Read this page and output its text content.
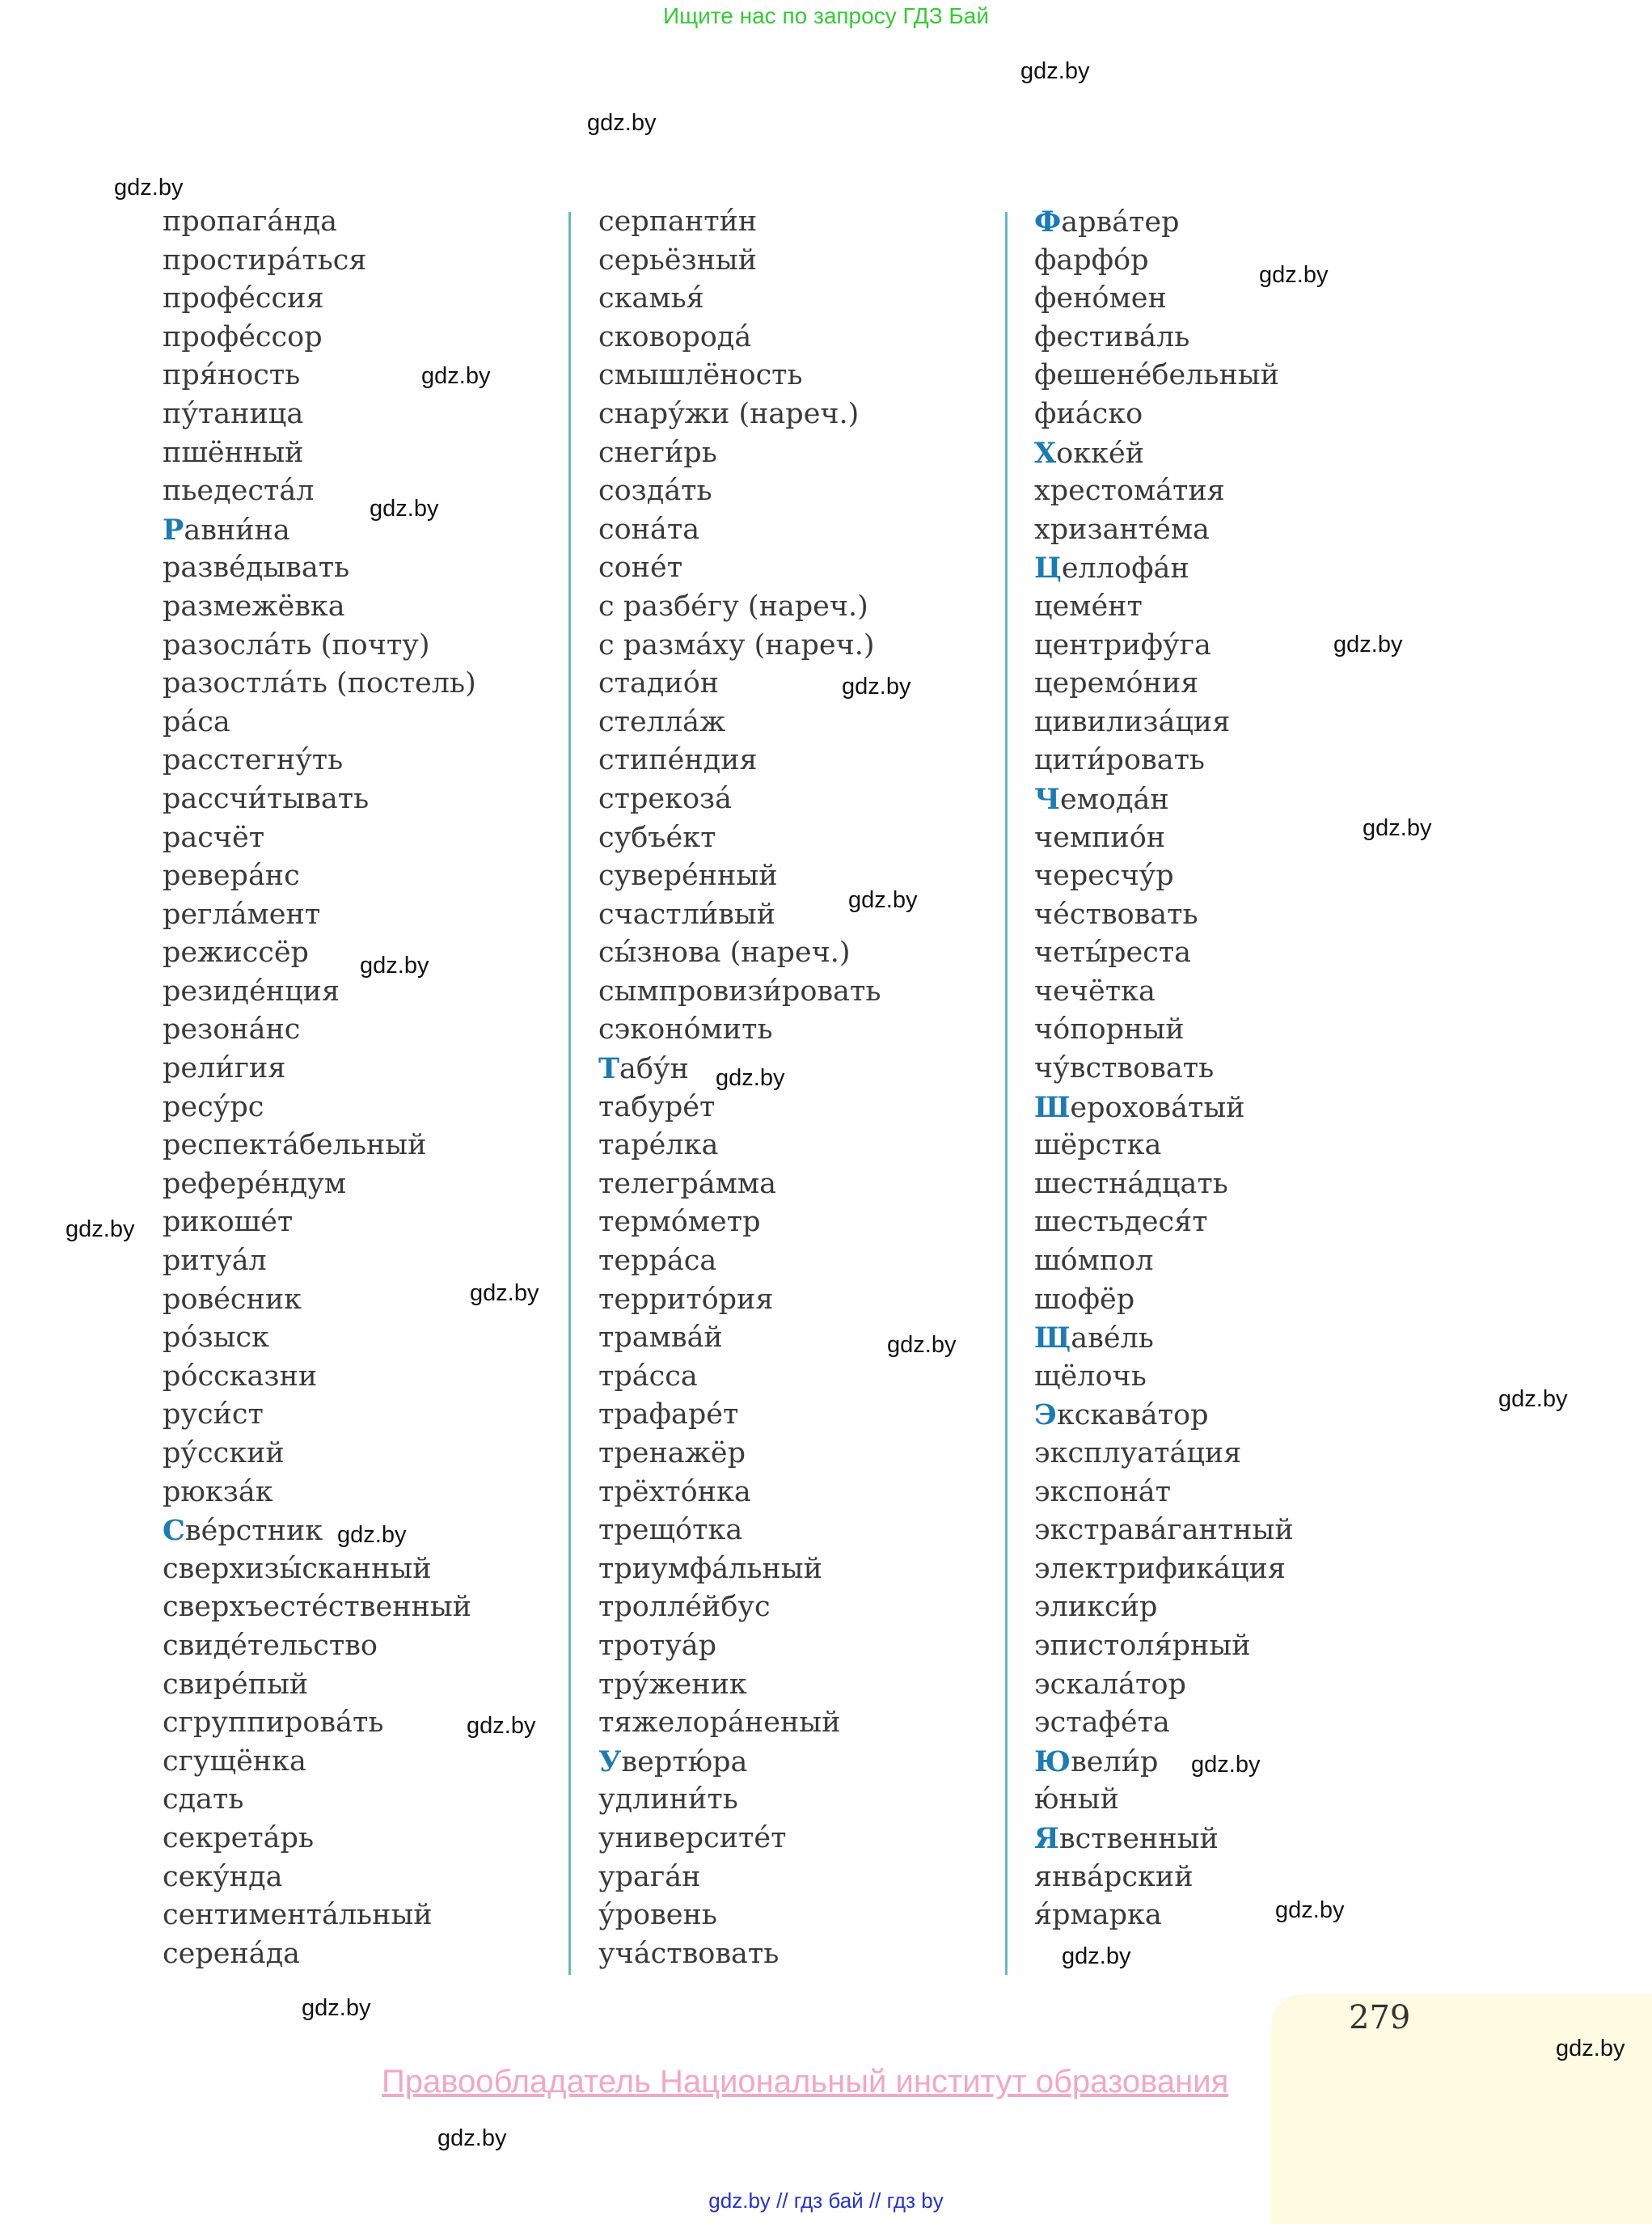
Ищите нас по запросу ГДЗ Бай
пропага́нда
простира́ться
профе́ссия
профе́ссор
пря́ность
пу́таница
пшённый
пьедеста́л
Равни́на
разве́дывать
размежёвка
разосла́ть (почту)
разостла́ть (постель)
ра́са
расстегну́ть
рассчи́тывать
расчёт
ревера́нс
регла́мент
режиссёр
резиде́нция
резона́нс
рели́гия
ресу́рс
респекта́бельный
рефере́ндум
рикоше́т
ритуа́л
рове́сник
ро́зыск
ро́ссказни
руси́ст
ру́сский
рюкза́к
Све́рстник
сверхизы́сканный
сверхъесте́ственный
свиде́тельство
свире́пый
сгруппирова́ть
сгущёнка
сдать
секрета́рь
секу́нда
сентимента́льный
серена́да
серпанти́н
серьёзный
скамья́
сковорода́
смышлёность
снару́жи (нареч.)
снеги́рь
созда́ть
сона́та
соне́т
с разбе́гу (нареч.)
с разма́ху (нареч.)
стадио́н
стелла́ж
стипе́ндия
стрекоза́
субъе́кт
сувере́нный
счастли́вый
сы́знова (нареч.)
сымпровизи́ровать
сэконо́мить
Табу́н
табуре́т
таре́лка
телегра́мма
термо́метр
терра́са
террито́рия
трамва́й
тра́сса
трафаре́т
тренажёр
трёхто́нка
трещо́тка
триумфа́льный
тролле́йбус
тротуа́р
тру́женик
тяжелора́неный
Увертю́ра
удлини́ть
университе́т
урага́н
у́ровень
уча́ствовать
Фарва́тер
фарфо́р
фено́мен
фестива́ль
фешене́бельный
фиа́ско
Хокке́й
хрестома́тия
хризанте́ма
Целлофа́н
цеме́нт
центрифу́га
церемо́ния
цивилиза́ция
цити́ровать
Чемода́н
чемпио́н
чересчу́р
че́ствовать
четы́реста
чечётка
чо́порный
чу́вствовать
Шерохова́тый
шёрстка
шестна́дцать
шестьдеся́т
шо́мпол
шофёр
Щаве́ль
щёлочь
Экскава́тор
эксплуата́ция
экспона́т
экстрава́гантный
электрифика́ция
эликси́р
эпистоля́рный
эскала́тор
эстафе́та
Ювели́р
ю́ный
Явственный
янва́рский
я́рмарка
gdz.by
gdz.by
gdz.by
gdz.by
gdz.by
gdz.by
gdz.by
gdz.by
gdz.by
gdz.by
gdz.by
gdz.by
gdz.by
gdz.by
gdz.by
gdz.by
gdz.by
gdz.by
gdz.by
gdz.by
gdz.by
gdz.by
gdz.by
279
gdz.by
Правообладатель Национальный институт образования
gdz.by // гдз бай // гдз by
